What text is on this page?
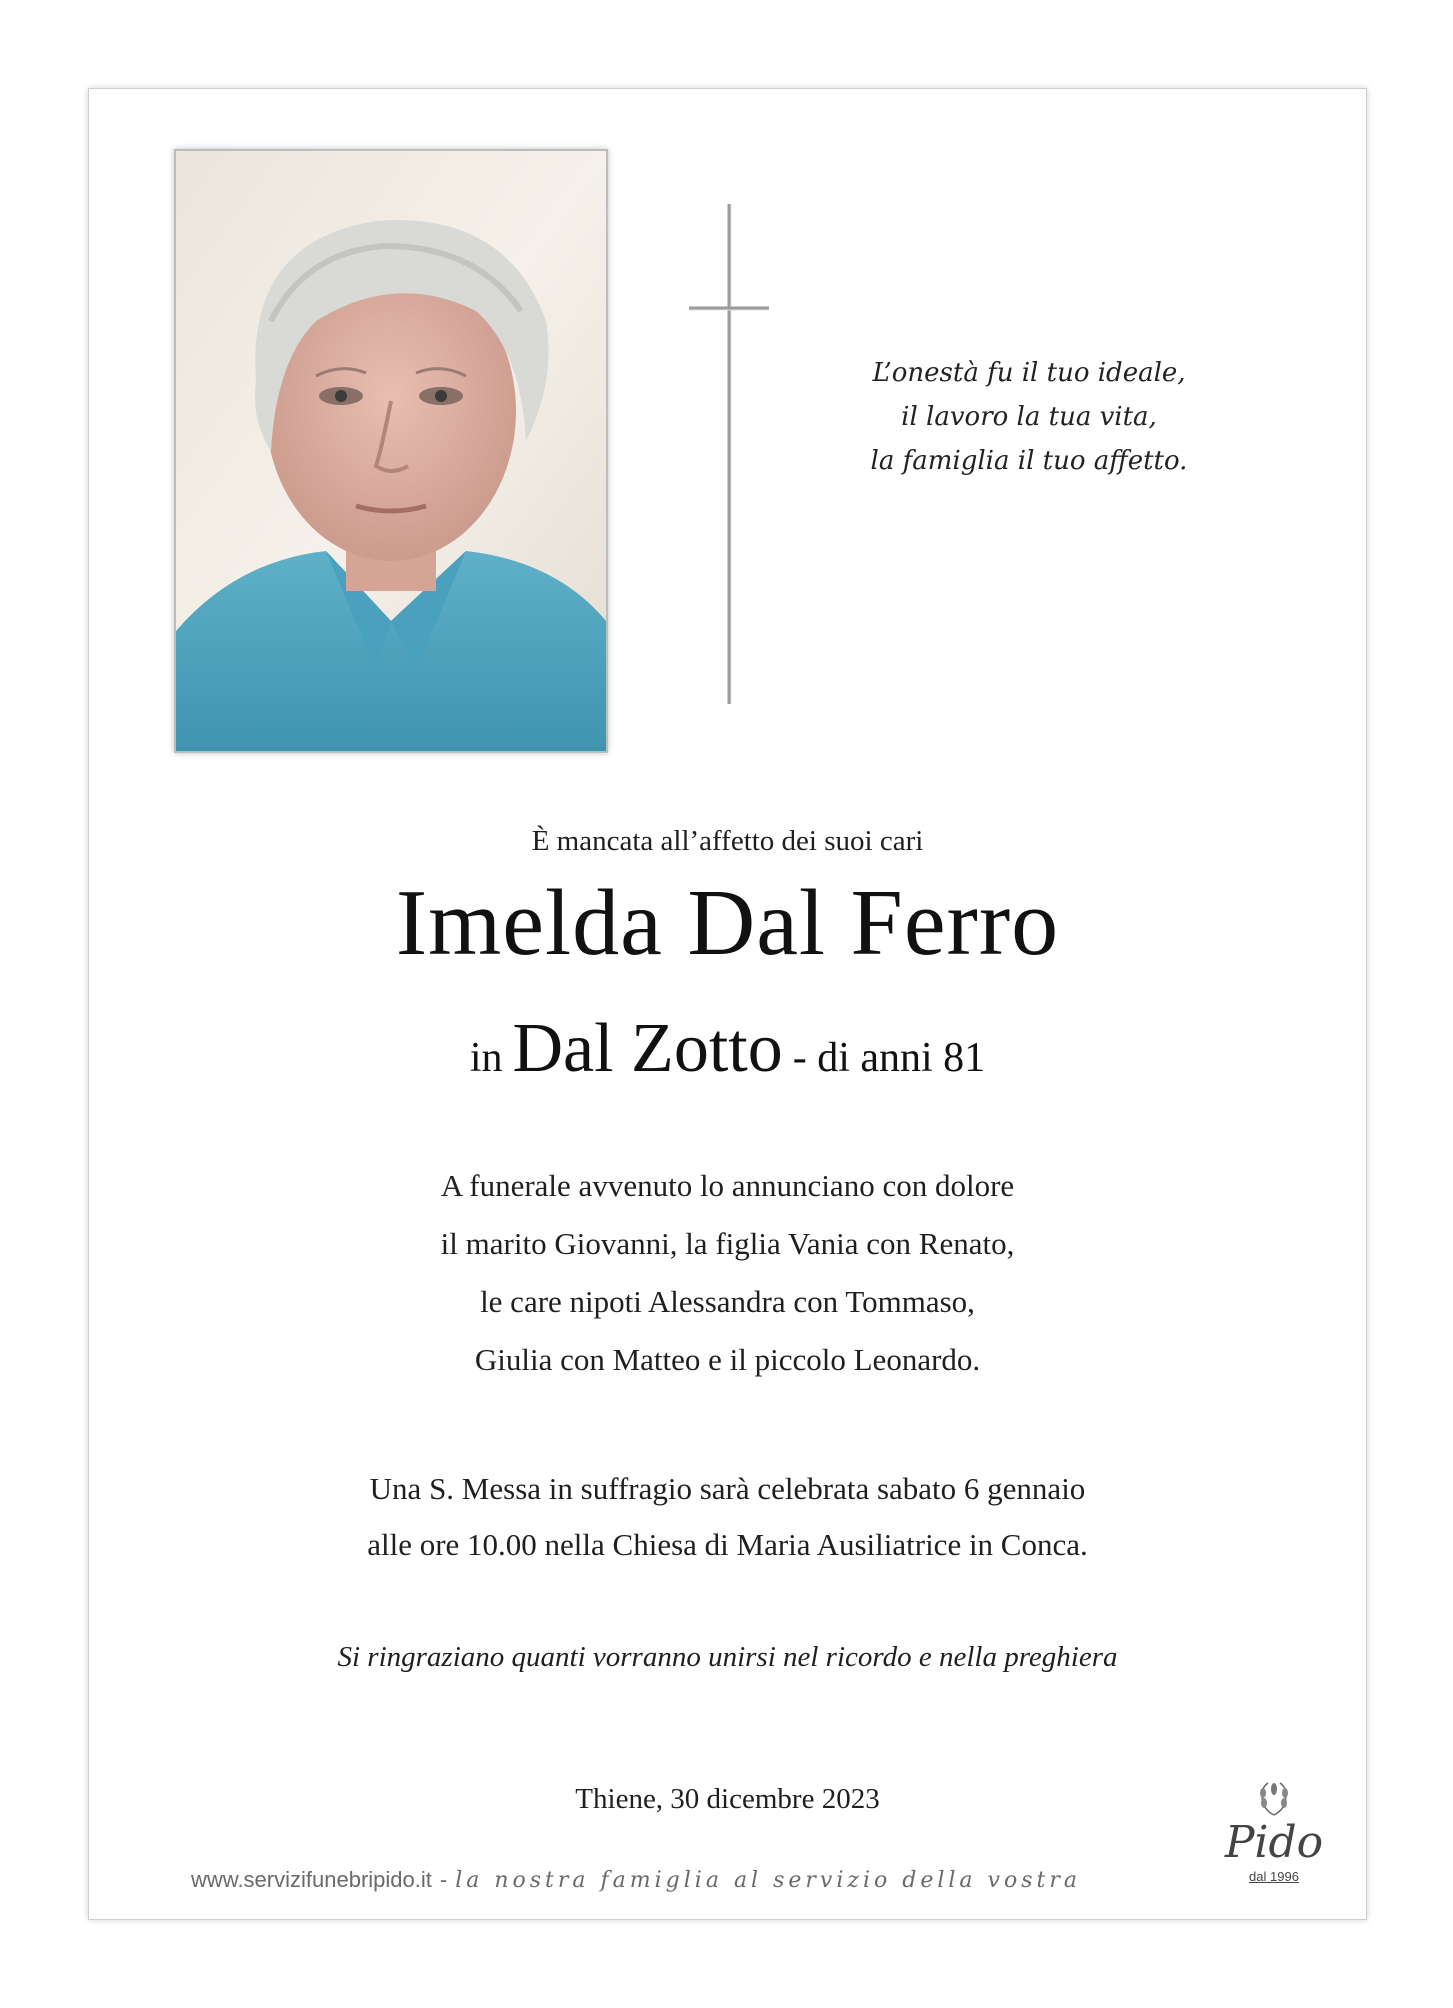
L’onestà fu il tuo ideale,
il lavoro la tua vita,
la famiglia il tuo affetto.
È mancata all’affetto dei suoi cari
Imelda Dal Ferro
in Dal Zotto - di anni 81
A funerale avvenuto lo annunciano con dolore
il marito Giovanni, la figlia Vania con Renato,
le care nipoti Alessandra con Tommaso,
Giulia con Matteo e il piccolo Leonardo.
Una S. Messa in suffragio sarà celebrata sabato 6 gennaio
alle ore 10.00 nella Chiesa di Maria Ausiliatrice in Conca.
Si ringraziano quanti vorranno unirsi nel ricordo e nella preghiera
Thiene, 30 dicembre 2023
www.servizifunebripido.it - la nostra famiglia al servizio della vostra
Pido
dal 1996
